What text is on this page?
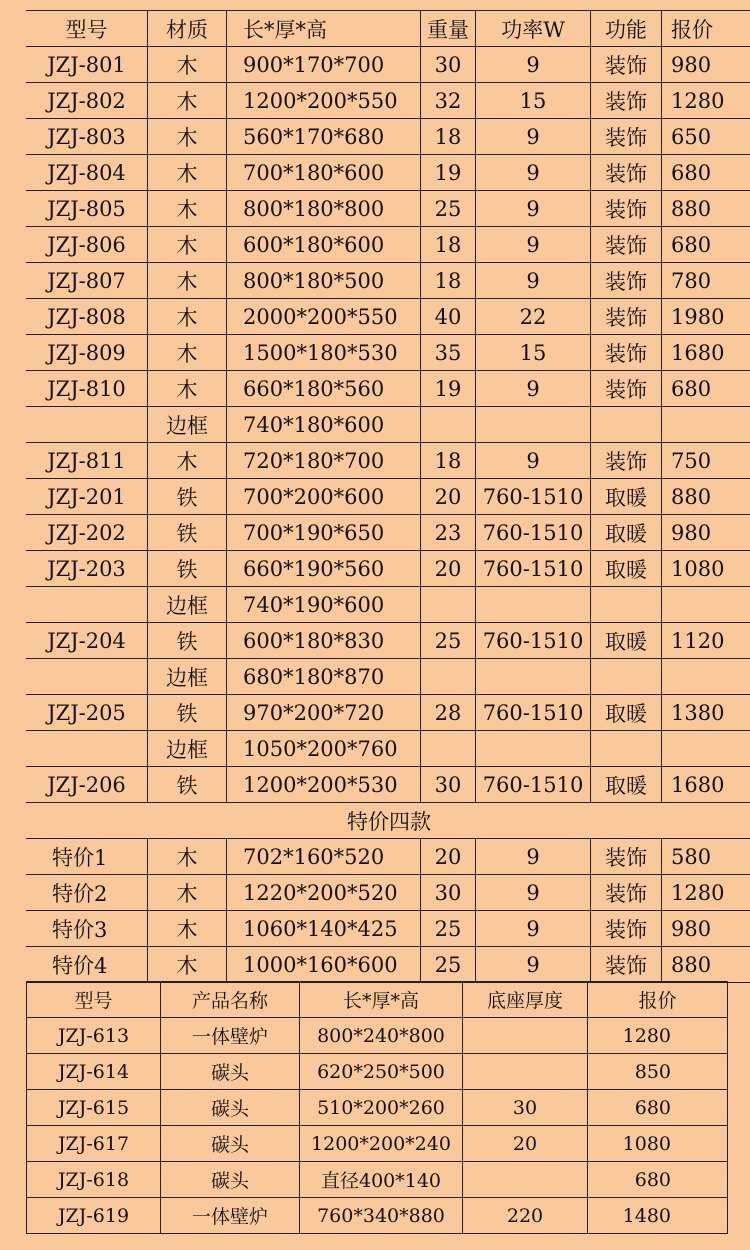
型号	材质	长*厚*高	重量	功率W	功能	报价
JZJ-801	木	900*170*700	30	9	装饰	980
JZJ-802	木	1200*200*550	32	15	装饰	1280
JZJ-803	木	560*170*680	18	9	装饰	650
JZJ-804	木	700*180*600	19	9	装饰	680
JZJ-805	木	800*180*800	25	9	装饰	880
JZJ-806	木	600*180*600	18	9	装饰	680
JZJ-807	木	800*180*500	18	9	装饰	780
JZJ-808	木	2000*200*550	40	22	装饰	1980
JZJ-809	木	1500*180*530	35	15	装饰	1680
JZJ-810	木	660*180*560	19	9	装饰	680
	边框	740*180*600				
JZJ-811	木	720*180*700	18	9	装饰	750
JZJ-201	铁	700*200*600	20	760-1510	取暖	880
JZJ-202	铁	700*190*650	23	760-1510	取暖	980
JZJ-203	铁	660*190*560	20	760-1510	取暖	1080
	边框	740*190*600				
JZJ-204	铁	600*180*830	25	760-1510	取暖	1120
	边框	680*180*870				
JZJ-205	铁	970*200*720	28	760-1510	取暖	1380
	边框	1050*200*760				
JZJ-206	铁	1200*200*530	30	760-1510	取暖	1680
特价四款						
特价1	木	702*160*520	20	9	装饰	580
特价2	木	1220*200*520	30	9	装饰	1280
特价3	木	1060*140*425	25	9	装饰	980
特价4	木	1000*160*600	25	9	装饰	880
型号	产品名称	长*厚*高	底座厚度	报价
JZJ-613	一体壁炉	800*240*800		1280
JZJ-614	碳头	620*250*500		850
JZJ-615	碳头	510*200*260	30	680
JZJ-617	碳头	1200*200*240	20	1080
JZJ-618	碳头	直径400*140		680
JZJ-619	一体壁炉	760*340*880	220	1480
